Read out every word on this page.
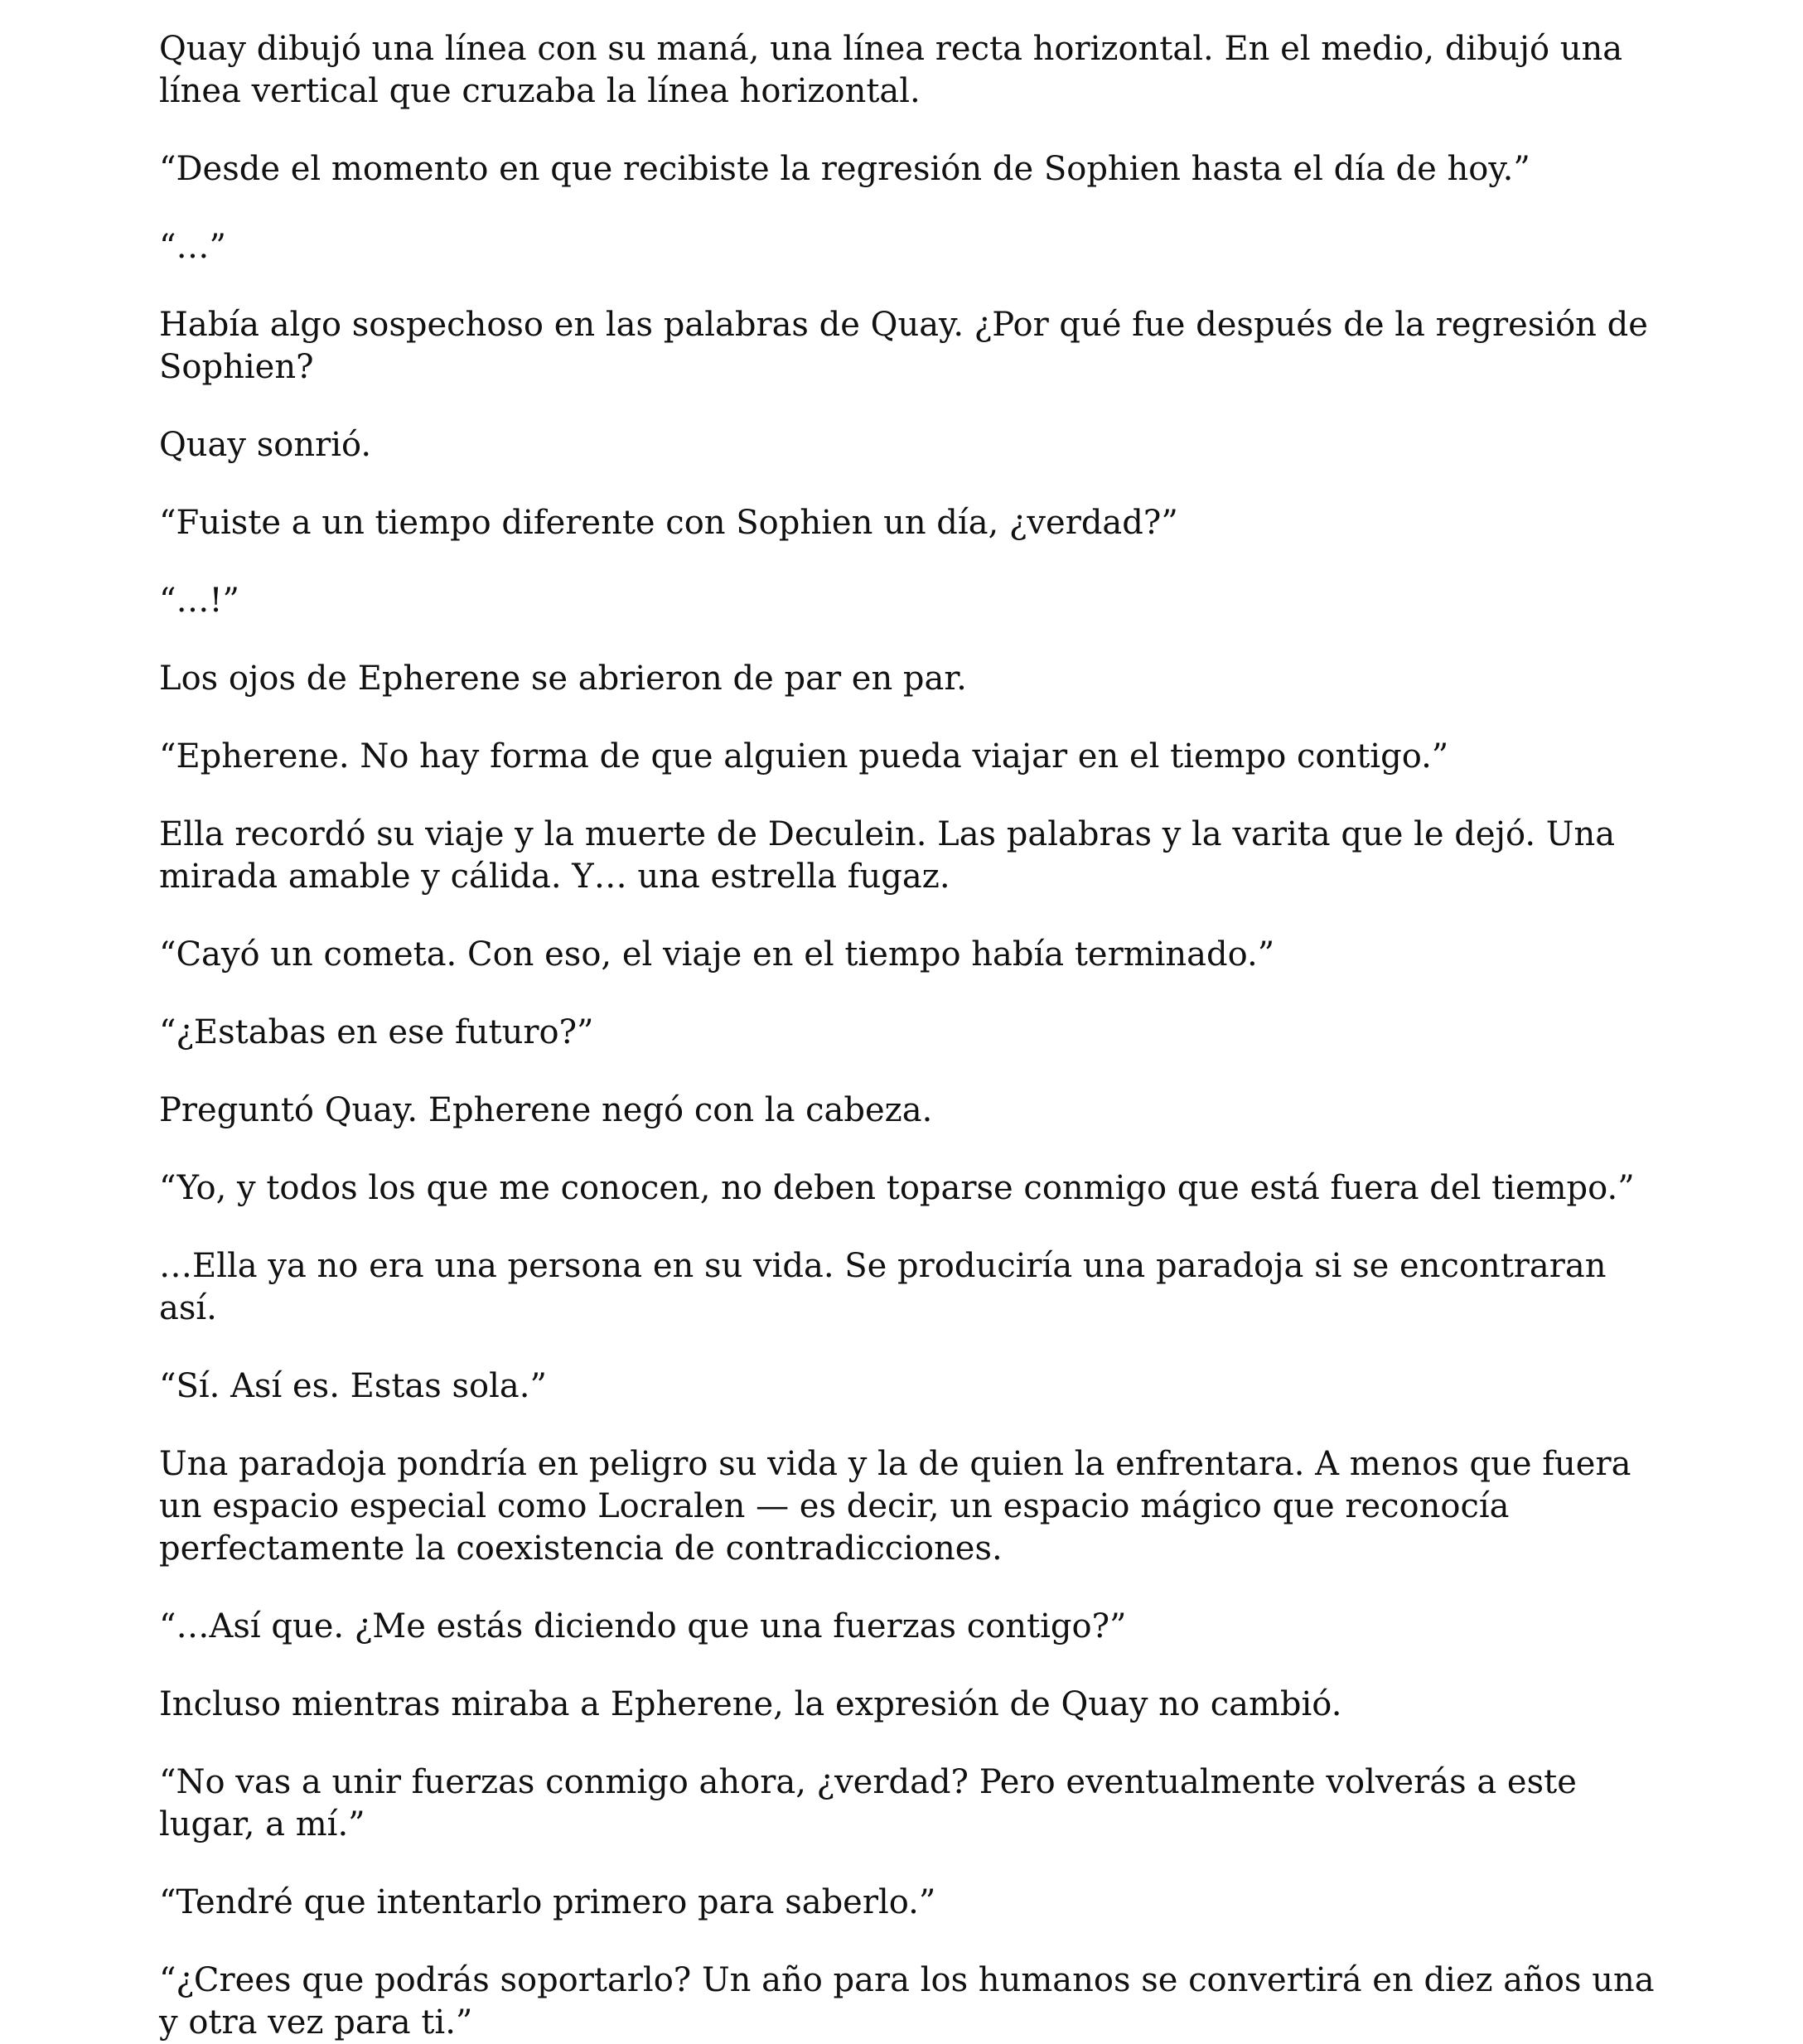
Quay dibujó una línea con su maná, una línea recta horizontal. En el medio, dibujó una línea vertical que cruzaba la línea horizontal.

“Desde el momento en que recibiste la regresión de Sophien hasta el día de hoy.”

“…”

Había algo sospechoso en las palabras de Quay. ¿Por qué fue después de la regresión de Sophien?

Quay sonrió.

“Fuiste a un tiempo diferente con Sophien un día, ¿verdad?”

“…!”

Los ojos de Epherene se abrieron de par en par.

“Epherene. No hay forma de que alguien pueda viajar en el tiempo contigo.”

Ella recordó su viaje y la muerte de Deculein. Las palabras y la varita que le dejó. Una mirada amable y cálida. Y… una estrella fugaz.

“Cayó un cometa. Con eso, el viaje en el tiempo había terminado.”

“¿Estabas en ese futuro?”

Preguntó Quay. Epherene negó con la cabeza.

“Yo, y todos los que me conocen, no deben toparse conmigo que está fuera del tiempo.”

…Ella ya no era una persona en su vida. Se produciría una paradoja si se encontraran así.

“Sí. Así es. Estas sola.”

Una paradoja pondría en peligro su vida y la de quien la enfrentara. A menos que fuera un espacio especial como Locralen — es decir, un espacio mágico que reconocía perfectamente la coexistencia de contradicciones.

“…Así que. ¿Me estás diciendo que una fuerzas contigo?”

Incluso mientras miraba a Epherene, la expresión de Quay no cambió.

“No vas a unir fuerzas conmigo ahora, ¿verdad? Pero eventualmente volverás a este lugar, a mí.”

“Tendré que intentarlo primero para saberlo.”

“¿Crees que podrás soportarlo? Un año para los humanos se convertirá en diez años una y otra vez para ti.”
